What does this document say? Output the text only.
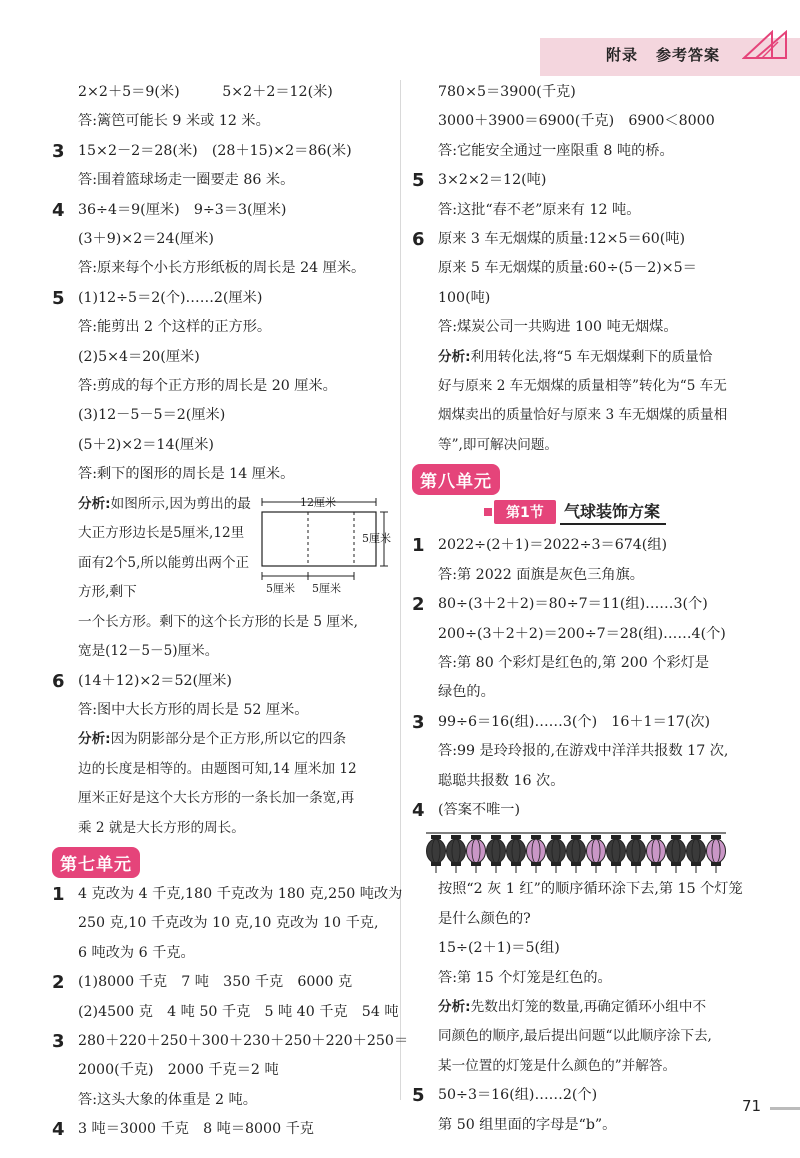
附录 参考答案
2×2＋5＝9(米)　　　5×2＋2＝12(米)
答:篱笆可能长 9 米或 12 米。
3 15×2－2＝28(米)　(28＋15)×2＝86(米)
答:围着篮球场走一圈要走 86 米。
4 36÷4＝9(厘米)　9÷3＝3(厘米)
(3＋9)×2＝24(厘米)
答:原来每个小长方形纸板的周长是 24 厘米。
5 (1)12÷5＝2(个)……2(厘米)
答:能剪出 2 个这样的正方形。
(2)5×4＝20(厘米)
答:剪成的每个正方形的周长是 20 厘米。
(3)12－5－5＝2(厘米)
(5＋2)×2＝14(厘米)
答:剩下的图形的周长是 14 厘米。
分析:如图所示,因为剪出的最大正方形边长是5厘米,12里面有2个5,所以能剪出两个正方形,剩下
12厘米
5厘米
5厘米 5厘米
一个长方形。剩下的这个长方形的长是 5 厘米,
宽是(12－5－5)厘米。
6 (14＋12)×2＝52(厘米)
答:图中大长方形的周长是 52 厘米。
分析:因为阴影部分是个正方形,所以它的四条
边的长度是相等的。由题图可知,14 厘米加 12
厘米正好是这个大长方形的一条长加一条宽,再
乘 2 就是大长方形的周长。
第七单元
1 4 克改为 4 千克,180 千克改为 180 克,250 吨改为
250 克,10 千克改为 10 克,10 克改为 10 千克,
6 吨改为 6 千克。
2 (1)8000 千克　7 吨　350 千克　6000 克
(2)4500 克　4 吨 50 千克　5 吨 40 千克　54 吨
3 280＋220＋250＋300＋230＋250＋220＋250＝
2000(千克)　2000 千克＝2 吨
答:这头大象的体重是 2 吨。
4 3 吨＝3000 千克　8 吨＝8000 千克
780×5＝3900(千克)
3000＋3900＝6900(千克)　6900＜8000
答:它能安全通过一座限重 8 吨的桥。
5 3×2×2＝12(吨)
答:这批“春不老”原来有 12 吨。
6 原来 3 车无烟煤的质量:12×5＝60(吨)
原来 5 车无烟煤的质量:60÷(5－2)×5＝
100(吨)
答:煤炭公司一共购进 100 吨无烟煤。
分析:利用转化法,将“5 车无烟煤剩下的质量恰
好与原来 2 车无烟煤的质量相等”转化为“5 车无
烟煤卖出的质量恰好与原来 3 车无烟煤的质量相
等”,即可解决问题。
第八单元
第1节	气球装饰方案
1 2022÷(2＋1)＝2022÷3＝674(组)
答:第 2022 面旗是灰色三角旗。
2 80÷(3＋2＋2)＝80÷7＝11(组)……3(个)
200÷(3＋2＋2)＝200÷7＝28(组)……4(个)
答:第 80 个彩灯是红色的,第 200 个彩灯是
绿色的。
3 99÷6＝16(组)……3(个)　16＋1＝17(次)
答:99 是玲玲报的,在游戏中洋洋共报数 17 次,
聪聪共报数 16 次。
4 (答案不唯一)
按照“2 灰 1 红”的顺序循环涂下去,第 15 个灯笼
是什么颜色的?
15÷(2＋1)＝5(组)
答:第 15 个灯笼是红色的。
分析:先数出灯笼的数量,再确定循环小组中不
同颜色的顺序,最后提出问题“以此顺序涂下去,
某一位置的灯笼是什么颜色的”并解答。
5 50÷3＝16(组)……2(个)
第 50 组里面的字母是“b”。
71
